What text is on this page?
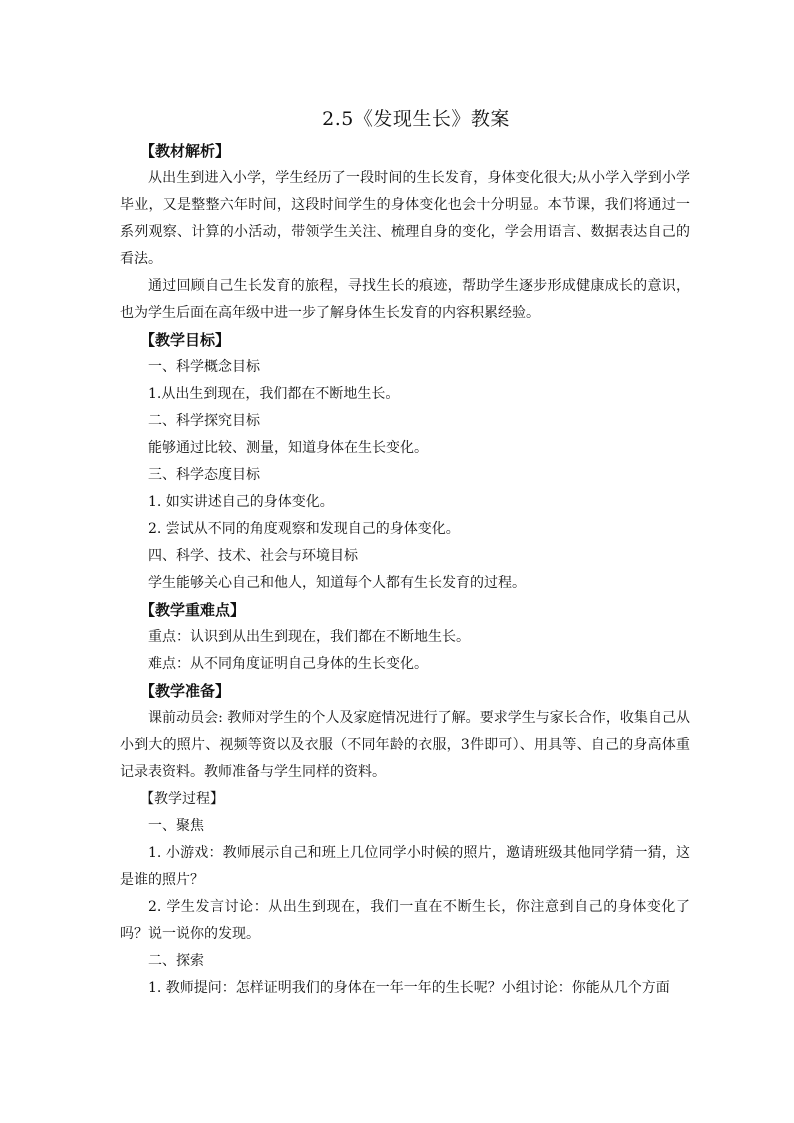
2.5《发现生长》教案
【教材解析】

从出生到进入小学，学生经历了一段时间的生长发育，身体变化很大;从小学入学到小学毕业，又是整整六年时间，这段时间学生的身体变化也会十分明显。本节课，我们将通过一系列观察、计算的小活动，带领学生关注、梳理自身的变化，学会用语言、数据表达自己的看法。

通过回顾自己生长发育的旅程，寻找生长的痕迹，帮助学生逐步形成健康成长的意识，也为学生后面在高年级中进一步了解身体生长发育的内容积累经验。

【教学目标】

一、科学概念目标

1.从出生到现在，我们都在不断地生长。

二、科学探究目标

能够通过比较、测量，知道身体在生长变化。

三、科学态度目标

1. 如实讲述自己的身体变化。

2. 尝试从不同的角度观察和发现自己的身体变化。

四、科学、技术、社会与环境目标

学生能够关心自己和他人，知道每个人都有生长发育的过程。

【教学重难点】

重点：认识到从出生到现在，我们都在不断地生长。

难点：从不同角度证明自己身体的生长变化。

【教学准备】

课前动员会: 教师对学生的个人及家庭情况进行了解。要求学生与家长合作，收集自己从小到大的照片、视频等资以及衣服（不同年龄的衣服，3件即可）、用具等、自己的身高体重记录表资料。教师准备与学生同样的资料。

【教学过程】

一、聚焦

1. 小游戏：教师展示自己和班上几位同学小时候的照片，邀请班级其他同学猜一猜，这是谁的照片？

2. 学生发言讨论：从出生到现在，我们一直在不断生长，你注意到自己的身体变化了吗？说一说你的发现。

二、探索

1. 教师提问：怎样证明我们的身体在一年一年的生长呢？小组讨论：你能从几个方面
